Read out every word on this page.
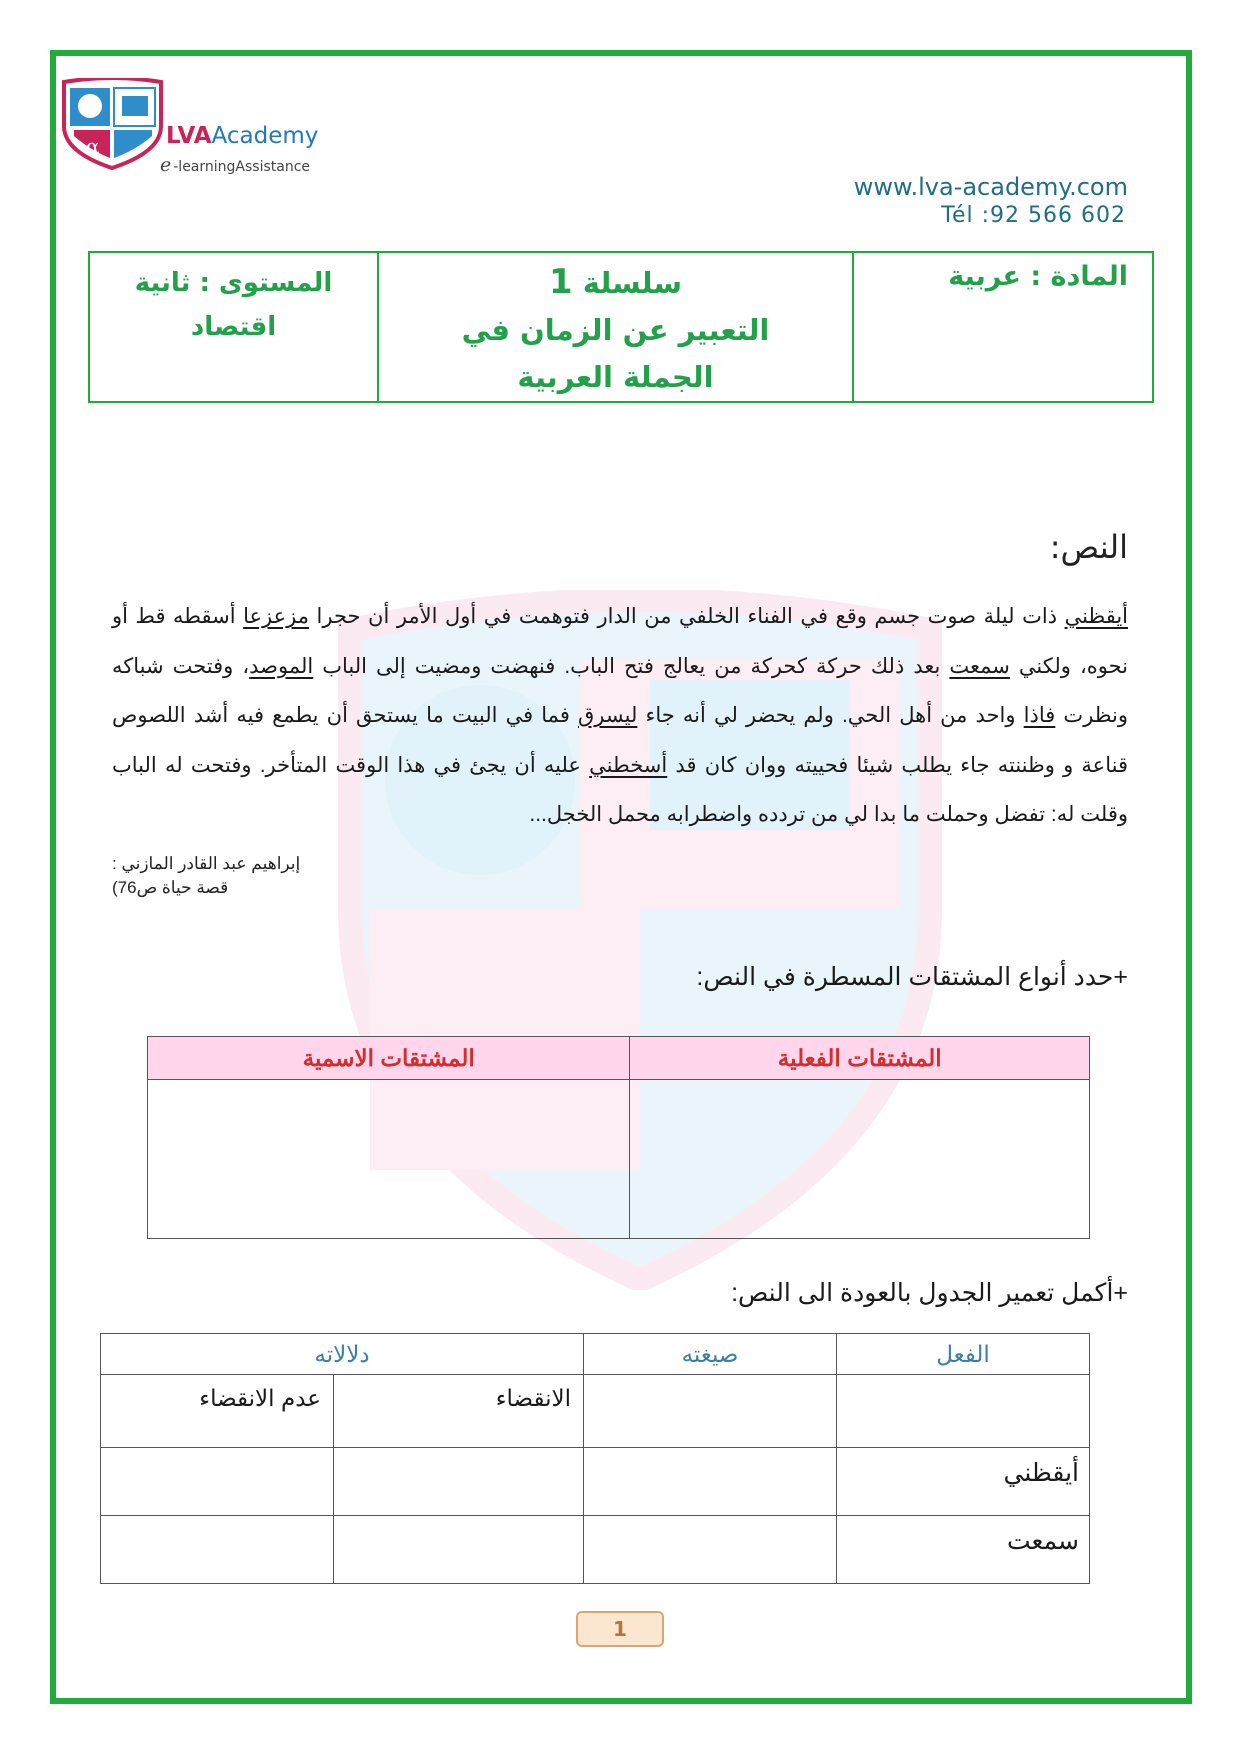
α	LVAAcademy
e -learningAssistance
www.lva-academy.com
Tél :92 566 602
المادة : عربية
سلسلة 1
التعبير عن الزمان في الجملة العربية
المستوى : ثانية
اقتصاد
النص:
أيقظني ذات ليلة صوت جسم وقع في الفناء الخلفي من الدار فتوهمت في أول الأمر أن حجرا مزعزعا أسقطه قط أو نحوه، ولكني سمعت بعد ذلك حركة كحركة من يعالج فتح الباب. فنهضت ومضيت إلى الباب الموصد، وفتحت شباكه ونظرت فاذا واحد من أهل الحي. ولم يحضر لي أنه جاء ليسرق فما في البيت ما يستحق أن يطمع فيه أشد اللصوص قناعة و وظننته جاء يطلب شيئا فحييته ووان كان قد أسخطني عليه أن يجئ في هذا الوقت المتأخر. وفتحت له الباب وقلت له: تفضل وحملت ما بدا لي من تردده واضطرابه محمل الخجل...
إبراهيم عبد القادر المازني :
قصة حياة ص76)
+حدد أنواع المشتقات المسطرة في النص:
المشتقات الفعلية	المشتقات الاسمية

+أكمل تعمير الجدول بالعودة الى النص:
الفعل	صيغته	دلالاته	
		الانقضاء	عدم الانقضاء
أيقظني			
سمعت			
1
